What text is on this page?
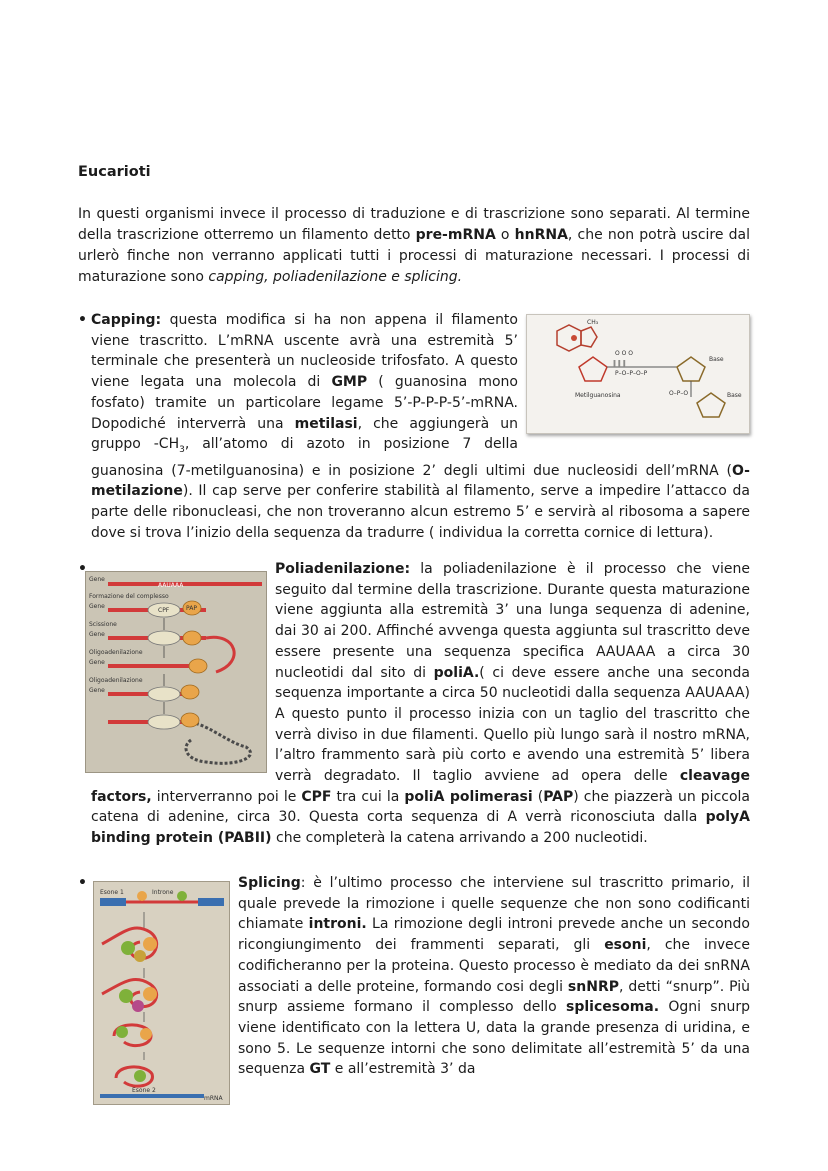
Eucarioti

In questi organismi invece il processo di traduzione e di trascrizione sono separati. Al termine della trascrizione otterremo un filamento detto pre-mRNA o hnRNA, che non potrà uscire dal urlerò finche non verranno applicati tutti i processi di maturazione necessari. I processi di maturazione sono capping, poliadenilazione e splicing.

•	CH₃
Metilguanosina
O O O
‖ ‖ ‖
P–O–P–O–P
Base
O–P–O	Base
Capping: questa modifica si ha non appena il filamento viene trascritto. L’mRNA uscente avrà una estremità 5’ terminale che presenterà un nucleoside trifosfato. A questo viene legata una molecola di GMP ( guanosina mono fosfato) tramite un particolare legame 5’-P-P-P-5’-mRNA. Dopodiché interverrà una metilasi, che aggiungerà un gruppo $-CH_3$, all’atomo di azoto in posizione 7 della guanosina (7-metilguanosina) e in posizione 2’ degli ultimi due nucleosidi dell’mRNA (O-metilazione). Il cap serve per conferire stabilità al filamento, serve a impedire l’attacco da parte delle ribonucleasi, che non troveranno alcun estremo 5’ e servirà al ribosoma a sapere dove si trova l’inizio della sequenza da tradurre ( individua la corretta cornice di lettura).
•
Gene
Formazione del complesso
Gene
Scissione
Gene
Oligoadenilazione
Gene
Oligoadenilazione
Gene
CPF	PAP
AAUAAA
Poliadenilazione: la poliadenilazione è il processo che viene seguito dal termine della trascrizione. Durante questa maturazione viene aggiunta alla estremità 3’ una lunga sequenza di adenine, dai 30 ai 200. Affinché avvenga questa aggiunta sul trascritto deve essere presente una sequenza specifica AAUAAA a circa 30 nucleotidi dal sito di poliA.( ci deve essere anche una seconda sequenza importante a circa 50 nucleotidi dalla sequenza AAUAAA) A questo punto il processo inizia con un taglio del trascritto che verrà diviso in due filamenti. Quello più lungo sarà il nostro mRNA, l’altro frammento sarà più corto e avendo una estremità 5’ libera verrà degradato. Il taglio avviene ad opera delle cleavage factors, interverranno poi le CPF tra cui la poliA polimerasi (PAP) che piazzerà un piccola catena di adenine, circa 30. Questa corta sequenza di A verrà riconosciuta dalla polyA binding protein (PABII) che completerà la catena arrivando a 200 nucleotidi.
•
Esone 1	Introne
Esone 2
mRNA
Splicing: è l’ultimo processo che interviene sul trascritto primario, il quale prevede la rimozione i quelle sequenze che non sono codificanti chiamate introni. La rimozione degli introni prevede anche un secondo ricongiungimento dei frammenti separati, gli esoni, che invece codificheranno per la proteina. Questo processo è mediato da dei snRNA associati a delle proteine, formando cosi degli snNRP, detti “snurp”. Più snurp assieme formano il complesso dello splicesoma. Ogni snurp viene identificato con la lettera U, data la grande presenza di uridina, e sono 5. Le sequenze intorni che sono delimitate all’estremità 5’ da una sequenza GT e all’estremità 3’ da
